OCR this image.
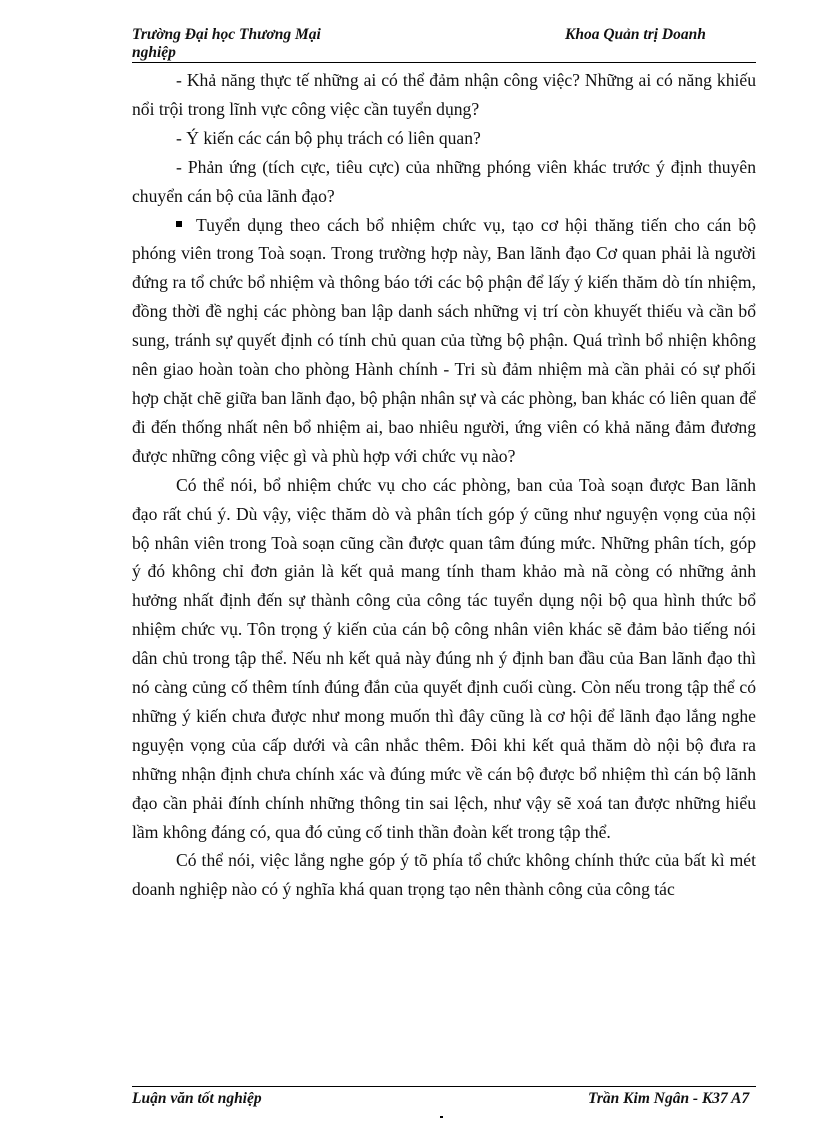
Trường Đại học Thương Mại
nghiệp
Khoa Quản trị Doanh

- Khả năng thực tế những ai có thể đảm nhận công việc? Những ai có năng khiếu nổi trội trong lĩnh vực công việc cần tuyển dụng?

- Ý kiến các cán bộ phụ trách có liên quan?

- Phản ứng (tích cực, tiêu cực) của những phóng viên khác trước ý định thuyên chuyển cán bộ của lãnh đạo?

Tuyển dụng theo cách bổ nhiệm chức vụ, tạo cơ hội thăng tiến cho cán bộ phóng viên trong Toà soạn. Trong trường hợp này, Ban lãnh đạo Cơ quan phải là người đứng ra tổ chức bổ nhiệm và thông báo tới các bộ phận để lấy ý kiến thăm dò tín nhiệm, đồng thời đề nghị các phòng ban lập danh sách những vị trí còn khuyết thiếu và cần bổ sung, tránh sự quyết định có tính chủ quan của từng bộ phận. Quá trình bổ nhiện không nên giao hoàn toàn cho phòng Hành chính - Tri sù đảm nhiệm mà cần phải có sự phối hợp chặt chẽ giữa ban lãnh đạo, bộ phận nhân sự và các phòng, ban khác có liên quan để đi đến thống nhất nên bổ nhiệm ai, bao nhiêu người, ứng viên có khả năng đảm đương được những công việc gì và phù hợp với chức vụ nào?

Có thể nói, bổ nhiệm chức vụ cho các phòng, ban của Toà soạn được Ban lãnh đạo rất chú ý. Dù vậy, việc thăm dò và phân tích góp ý cũng như nguyện vọng của nội bộ nhân viên trong Toà soạn cũng cần được quan tâm đúng mức. Những phân tích, góp ý đó không chỉ đơn giản là kết quả mang tính tham khảo mà nã còng có những ảnh hưởng nhất định đến sự thành công của công tác tuyển dụng nội bộ qua hình thức bổ nhiệm chức vụ. Tôn trọng ý kiến của cán bộ công nhân viên khác sẽ đảm bảo tiếng nói dân chủ trong tập thể. Nếu nh kết quả này đúng nh ý định ban đầu của Ban lãnh đạo thì nó càng củng cố thêm tính đúng đắn của quyết định cuối cùng. Còn nếu trong tập thể có những ý kiến chưa được như mong muốn thì đây cũng là cơ hội để lãnh đạo lắng nghe nguyện vọng của cấp dưới và cân nhắc thêm. Đôi khi kết quả thăm dò nội bộ đưa ra những nhận định chưa chính xác và đúng mức về cán bộ được bổ nhiệm thì cán bộ lãnh đạo cần phải đính chính những thông tin sai lệch, như vậy sẽ xoá tan được những hiểu lầm không đáng có, qua đó củng cố tinh thần đoàn kết trong tập thể.

Có thể nói, việc lắng nghe góp ý tõ phía tổ chức không chính thức của bất kì mét doanh nghiệp nào có ý nghĩa khá quan trọng tạo nên thành công của công tác

Luận văn tốt nghiệp	Trần Kim Ngân - K37 A7
